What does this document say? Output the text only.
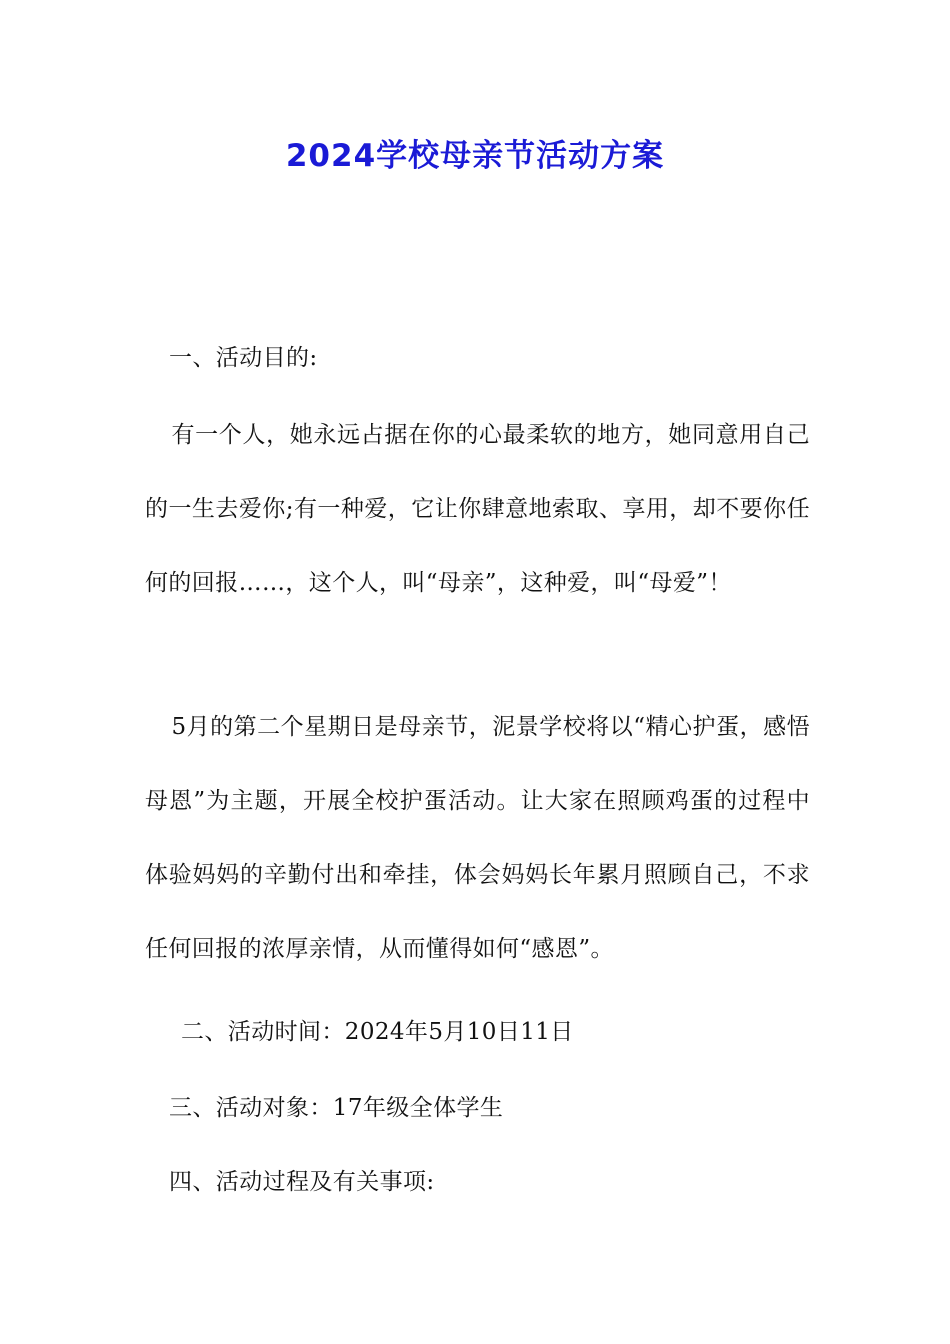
2024学校母亲节活动方案

一、活动目的:

有一个人，她永远占据在你的心最柔软的地方，她同意用自己的一生去爱你;有一种爱，它让你肆意地索取、享用，却不要你任何的回报……，这个人，叫“母亲”，这种爱，叫“母爱”！

5月的第二个星期日是母亲节，泥景学校将以“精心护蛋，感悟母恩”为主题，开展全校护蛋活动。让大家在照顾鸡蛋的过程中体验妈妈的辛勤付出和牵挂，体会妈妈长年累月照顾自己，不求任何回报的浓厚亲情，从而懂得如何“感恩”。

二、活动时间：2024年5月10日11日

三、活动对象：17年级全体学生

四、活动过程及有关事项:
